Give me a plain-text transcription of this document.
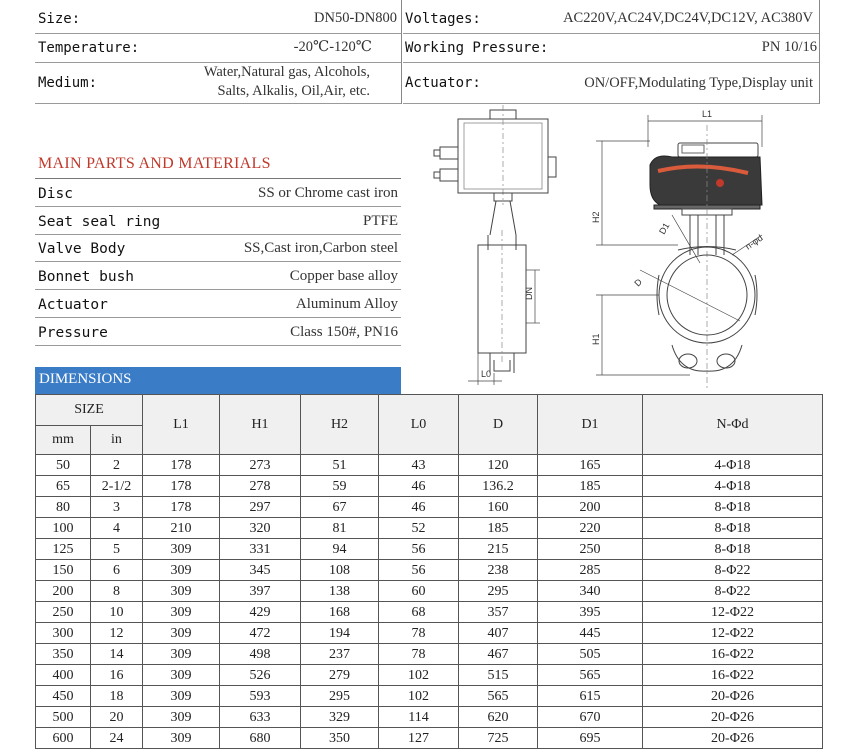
Size:	DN50-DN800
Temperature:	-20℃-120℃
Medium:
Water,Natural gas, Alcohols,
Salts, Alkalis, Oil,Air, etc.
Voltages:	AC220V,AC24V,DC24V,DC12V, AC380V
Working Pressure:	PN 10/16
Actuator:	ON/OFF,Modulating Type,Display unit
MAIN PARTS AND MATERIALS
Disc	SS or Chrome cast iron
Seat seal ring	PTFE
Valve Body	SS,Cast iron,Carbon steel
Bonnet bush	Copper base alloy
Actuator	Aluminum Alloy
Pressure	Class 150#, PN16
DN
L0
L1
H2
H1
D
D1
n-φd
DIMENSIONS
SIZE		L1	H1	H2	L0	D	D1	N-Φd
mm	in							
50	2	178	273	51	43	120	165	4-Φ18
65	2-1/2	178	278	59	46	136.2	185	4-Φ18
80	3	178	297	67	46	160	200	8-Φ18
100	4	210	320	81	52	185	220	8-Φ18
125	5	309	331	94	56	215	250	8-Φ18
150	6	309	345	108	56	238	285	8-Φ22
200	8	309	397	138	60	295	340	8-Φ22
250	10	309	429	168	68	357	395	12-Φ22
300	12	309	472	194	78	407	445	12-Φ22
350	14	309	498	237	78	467	505	16-Φ22
400	16	309	526	279	102	515	565	16-Φ22
450	18	309	593	295	102	565	615	20-Φ26
500	20	309	633	329	114	620	670	20-Φ26
600	24	309	680	350	127	725	695	20-Φ26
